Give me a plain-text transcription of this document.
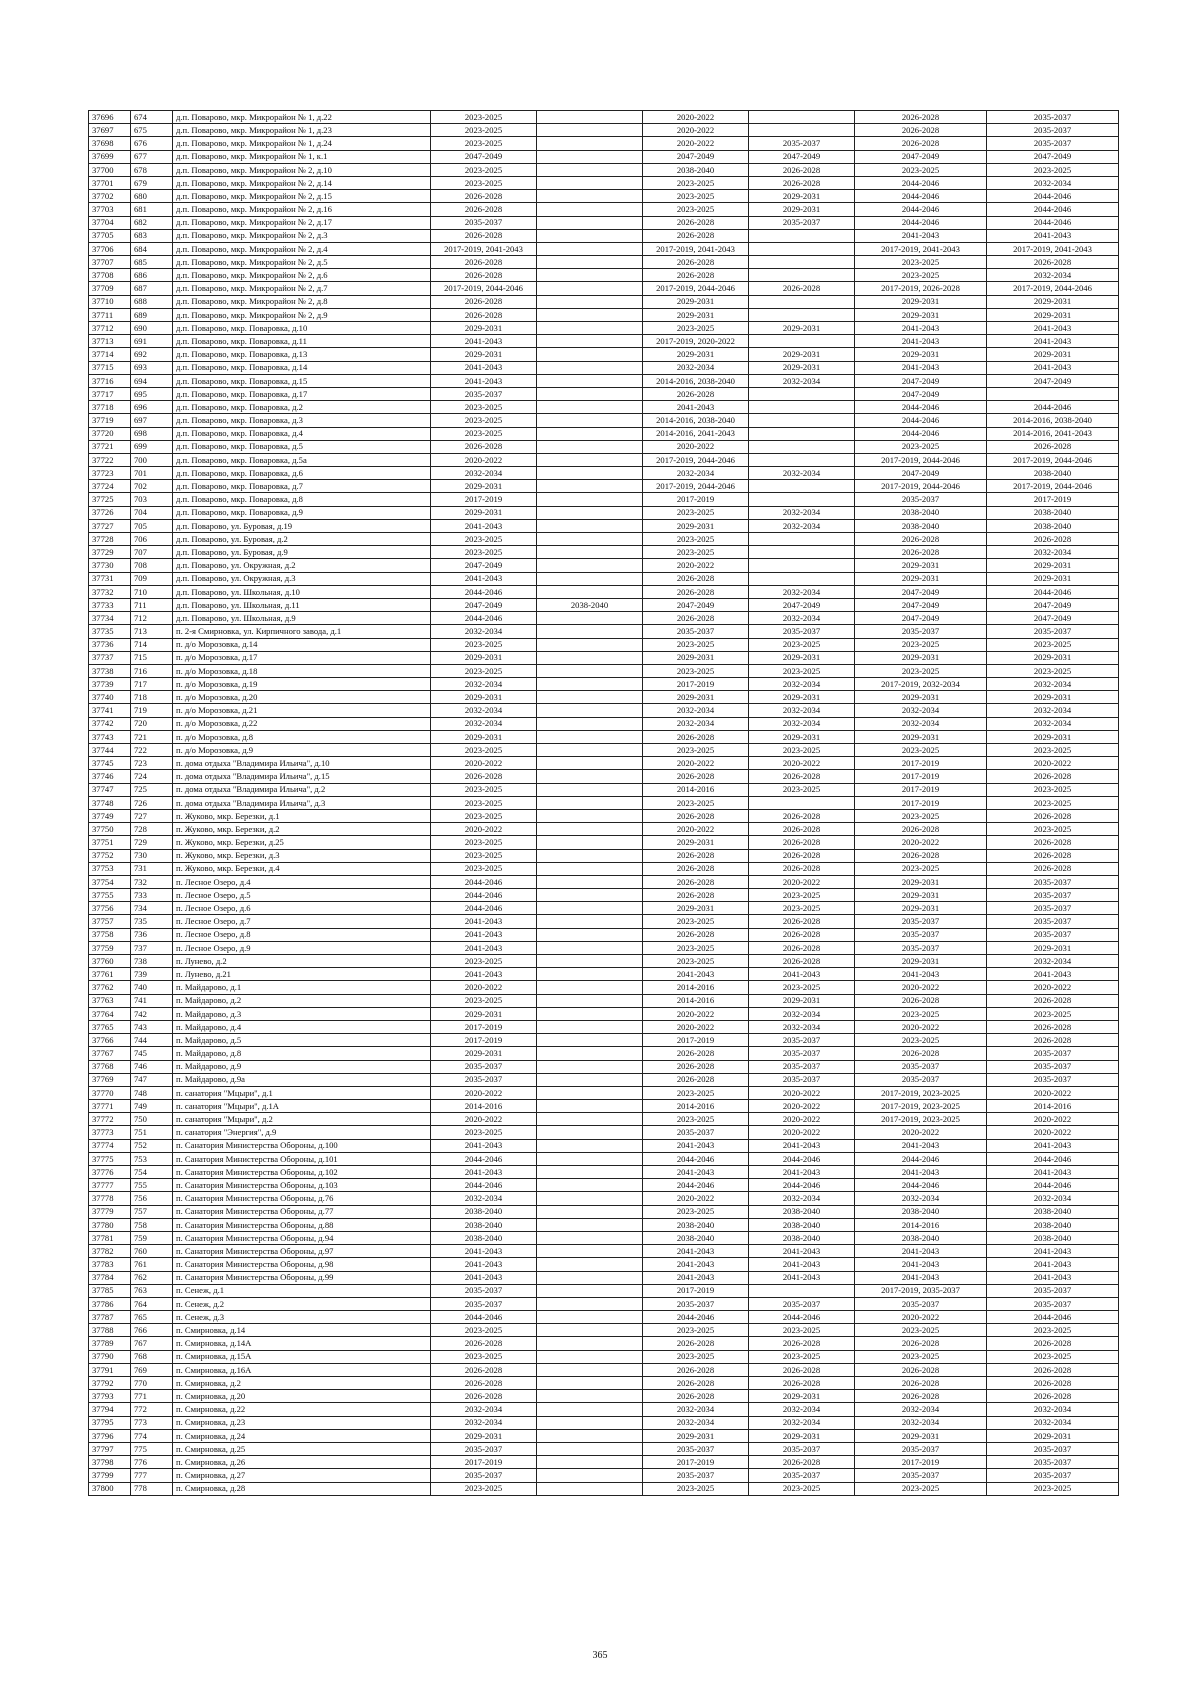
37696	674	д.п. Поварово, мкр. Микрорайон № 1, д.22	2023-2025		2020-2022		2026-2028	2035-2037
37697	675	д.п. Поварово, мкр. Микрорайон № 1, д.23	2023-2025		2020-2022		2026-2028	2035-2037
37698	676	д.п. Поварово, мкр. Микрорайон № 1, д.24	2023-2025		2020-2022	2035-2037	2026-2028	2035-2037
37699	677	д.п. Поварово, мкр. Микрорайон № 1, к.1	2047-2049		2047-2049	2047-2049	2047-2049	2047-2049
37700	678	д.п. Поварово, мкр. Микрорайон № 2, д.10	2023-2025		2038-2040	2026-2028	2023-2025	2023-2025
37701	679	д.п. Поварово, мкр. Микрорайон № 2, д.14	2023-2025		2023-2025	2026-2028	2044-2046	2032-2034
37702	680	д.п. Поварово, мкр. Микрорайон № 2, д.15	2026-2028		2023-2025	2029-2031	2044-2046	2044-2046
37703	681	д.п. Поварово, мкр. Микрорайон № 2, д.16	2026-2028		2023-2025	2029-2031	2044-2046	2044-2046
37704	682	д.п. Поварово, мкр. Микрорайон № 2, д.17	2035-2037		2026-2028	2035-2037	2044-2046	2044-2046
37705	683	д.п. Поварово, мкр. Микрорайон № 2, д.3	2026-2028		2026-2028		2041-2043	2041-2043
37706	684	д.п. Поварово, мкр. Микрорайон № 2, д.4	2017-2019, 2041-2043		2017-2019, 2041-2043		2017-2019, 2041-2043	2017-2019, 2041-2043
37707	685	д.п. Поварово, мкр. Микрорайон № 2, д.5	2026-2028		2026-2028		2023-2025	2026-2028
37708	686	д.п. Поварово, мкр. Микрорайон № 2, д.6	2026-2028		2026-2028		2023-2025	2032-2034
37709	687	д.п. Поварово, мкр. Микрорайон № 2, д.7	2017-2019, 2044-2046		2017-2019, 2044-2046	2026-2028	2017-2019, 2026-2028	2017-2019, 2044-2046
37710	688	д.п. Поварово, мкр. Микрорайон № 2, д.8	2026-2028		2029-2031		2029-2031	2029-2031
37711	689	д.п. Поварово, мкр. Микрорайон № 2, д.9	2026-2028		2029-2031		2029-2031	2029-2031
37712	690	д.п. Поварово, мкр. Поваровка, д.10	2029-2031		2023-2025	2029-2031	2041-2043	2041-2043
37713	691	д.п. Поварово, мкр. Поваровка, д.11	2041-2043		2017-2019, 2020-2022		2041-2043	2041-2043
37714	692	д.п. Поварово, мкр. Поваровка, д.13	2029-2031		2029-2031	2029-2031	2029-2031	2029-2031
37715	693	д.п. Поварово, мкр. Поваровка, д.14	2041-2043		2032-2034	2029-2031	2041-2043	2041-2043
37716	694	д.п. Поварово, мкр. Поваровка, д.15	2041-2043		2014-2016, 2038-2040	2032-2034	2047-2049	2047-2049
37717	695	д.п. Поварово, мкр. Поваровка, д.17	2035-2037		2026-2028		2047-2049	
37718	696	д.п. Поварово, мкр. Поваровка, д.2	2023-2025		2041-2043		2044-2046	2044-2046
37719	697	д.п. Поварово, мкр. Поваровка, д.3	2023-2025		2014-2016, 2038-2040		2044-2046	2014-2016, 2038-2040
37720	698	д.п. Поварово, мкр. Поваровка, д.4	2023-2025		2014-2016, 2041-2043		2044-2046	2014-2016, 2041-2043
37721	699	д.п. Поварово, мкр. Поваровка, д.5	2026-2028		2020-2022		2023-2025	2026-2028
37722	700	д.п. Поварово, мкр. Поваровка, д.5а	2020-2022		2017-2019, 2044-2046		2017-2019, 2044-2046	2017-2019, 2044-2046
37723	701	д.п. Поварово, мкр. Поваровка, д.6	2032-2034		2032-2034	2032-2034	2047-2049	2038-2040
37724	702	д.п. Поварово, мкр. Поваровка, д.7	2029-2031		2017-2019, 2044-2046		2017-2019, 2044-2046	2017-2019, 2044-2046
37725	703	д.п. Поварово, мкр. Поваровка, д.8	2017-2019		2017-2019		2035-2037	2017-2019
37726	704	д.п. Поварово, мкр. Поваровка, д.9	2029-2031		2023-2025	2032-2034	2038-2040	2038-2040
37727	705	д.п. Поварово, ул. Буровая, д.19	2041-2043		2029-2031	2032-2034	2038-2040	2038-2040
37728	706	д.п. Поварово, ул. Буровая, д.2	2023-2025		2023-2025		2026-2028	2026-2028
37729	707	д.п. Поварово, ул. Буровая, д.9	2023-2025		2023-2025		2026-2028	2032-2034
37730	708	д.п. Поварово, ул. Окружная, д.2	2047-2049		2020-2022		2029-2031	2029-2031
37731	709	д.п. Поварово, ул. Окружная, д.3	2041-2043		2026-2028		2029-2031	2029-2031
37732	710	д.п. Поварово, ул. Школьная, д.10	2044-2046		2026-2028	2032-2034	2047-2049	2044-2046
37733	711	д.п. Поварово, ул. Школьная, д.11	2047-2049	2038-2040	2047-2049	2047-2049	2047-2049	2047-2049
37734	712	д.п. Поварово, ул. Школьная, д.9	2044-2046		2026-2028	2032-2034	2047-2049	2047-2049
37735	713	п. 2-я Смирновка, ул. Кирпичного завода, д.1	2032-2034		2035-2037	2035-2037	2035-2037	2035-2037
37736	714	п. д/о Морозовка, д.14	2023-2025		2023-2025	2023-2025	2023-2025	2023-2025
37737	715	п. д/о Морозовка, д.17	2029-2031		2029-2031	2029-2031	2029-2031	2029-2031
37738	716	п. д/о Морозовка, д.18	2023-2025		2023-2025	2023-2025	2023-2025	2023-2025
37739	717	п. д/о Морозовка, д.19	2032-2034		2017-2019	2032-2034	2017-2019, 2032-2034	2032-2034
37740	718	п. д/о Морозовка, д.20	2029-2031		2029-2031	2029-2031	2029-2031	2029-2031
37741	719	п. д/о Морозовка, д.21	2032-2034		2032-2034	2032-2034	2032-2034	2032-2034
37742	720	п. д/о Морозовка, д.22	2032-2034		2032-2034	2032-2034	2032-2034	2032-2034
37743	721	п. д/о Морозовка, д.8	2029-2031		2026-2028	2029-2031	2029-2031	2029-2031
37744	722	п. д/о Морозовка, д.9	2023-2025		2023-2025	2023-2025	2023-2025	2023-2025
37745	723	п. дома отдыха "Владимира Ильича", д.10	2020-2022		2020-2022	2020-2022	2017-2019	2020-2022
37746	724	п. дома отдыха "Владимира Ильича", д.15	2026-2028		2026-2028	2026-2028	2017-2019	2026-2028
37747	725	п. дома отдыха "Владимира Ильича", д.2	2023-2025		2014-2016	2023-2025	2017-2019	2023-2025
37748	726	п. дома отдыха "Владимира Ильича", д.3	2023-2025		2023-2025		2017-2019	2023-2025
37749	727	п. Жуково, мкр. Березки, д.1	2023-2025		2026-2028	2026-2028	2023-2025	2026-2028
37750	728	п. Жуково, мкр. Березки, д.2	2020-2022		2020-2022	2026-2028	2026-2028	2023-2025
37751	729	п. Жуково, мкр. Березки, д.25	2023-2025		2029-2031	2026-2028	2020-2022	2026-2028
37752	730	п. Жуково, мкр. Березки, д.3	2023-2025		2026-2028	2026-2028	2026-2028	2026-2028
37753	731	п. Жуково, мкр. Березки, д.4	2023-2025		2026-2028	2026-2028	2023-2025	2026-2028
37754	732	п. Лесное Озеро, д.4	2044-2046		2026-2028	2020-2022	2029-2031	2035-2037
37755	733	п. Лесное Озеро, д.5	2044-2046		2026-2028	2023-2025	2029-2031	2035-2037
37756	734	п. Лесное Озеро, д.6	2044-2046		2029-2031	2023-2025	2029-2031	2035-2037
37757	735	п. Лесное Озеро, д.7	2041-2043		2023-2025	2026-2028	2035-2037	2035-2037
37758	736	п. Лесное Озеро, д.8	2041-2043		2026-2028	2026-2028	2035-2037	2035-2037
37759	737	п. Лесное Озеро, д.9	2041-2043		2023-2025	2026-2028	2035-2037	2029-2031
37760	738	п. Лунево, д.2	2023-2025		2023-2025	2026-2028	2029-2031	2032-2034
37761	739	п. Лунево, д.21	2041-2043		2041-2043	2041-2043	2041-2043	2041-2043
37762	740	п. Майдарово, д.1	2020-2022		2014-2016	2023-2025	2020-2022	2020-2022
37763	741	п. Майдарово, д.2	2023-2025		2014-2016	2029-2031	2026-2028	2026-2028
37764	742	п. Майдарово, д.3	2029-2031		2020-2022	2032-2034	2023-2025	2023-2025
37765	743	п. Майдарово, д.4	2017-2019		2020-2022	2032-2034	2020-2022	2026-2028
37766	744	п. Майдарово, д.5	2017-2019		2017-2019	2035-2037	2023-2025	2026-2028
37767	745	п. Майдарово, д.8	2029-2031		2026-2028	2035-2037	2026-2028	2035-2037
37768	746	п. Майдарово, д.9	2035-2037		2026-2028	2035-2037	2035-2037	2035-2037
37769	747	п. Майдарово, д.9а	2035-2037		2026-2028	2035-2037	2035-2037	2035-2037
37770	748	п. санатория "Мцыри", д.1	2020-2022		2023-2025	2020-2022	2017-2019, 2023-2025	2020-2022
37771	749	п. санатория "Мцыри", д.1А	2014-2016		2014-2016	2020-2022	2017-2019, 2023-2025	2014-2016
37772	750	п. санатория "Мцыри", д.2	2020-2022		2023-2025	2020-2022	2017-2019, 2023-2025	2020-2022
37773	751	п. санатория "Энергия", д.9	2023-2025		2035-2037	2020-2022	2020-2022	2020-2022
37774	752	п. Санатория Министерства Обороны, д.100	2041-2043		2041-2043	2041-2043	2041-2043	2041-2043
37775	753	п. Санатория Министерства Обороны, д.101	2044-2046		2044-2046	2044-2046	2044-2046	2044-2046
37776	754	п. Санатория Министерства Обороны, д.102	2041-2043		2041-2043	2041-2043	2041-2043	2041-2043
37777	755	п. Санатория Министерства Обороны, д.103	2044-2046		2044-2046	2044-2046	2044-2046	2044-2046
37778	756	п. Санатория Министерства Обороны, д.76	2032-2034		2020-2022	2032-2034	2032-2034	2032-2034
37779	757	п. Санатория Министерства Обороны, д.77	2038-2040		2023-2025	2038-2040	2038-2040	2038-2040
37780	758	п. Санатория Министерства Обороны, д.88	2038-2040		2038-2040	2038-2040	2014-2016	2038-2040
37781	759	п. Санатория Министерства Обороны, д.94	2038-2040		2038-2040	2038-2040	2038-2040	2038-2040
37782	760	п. Санатория Министерства Обороны, д.97	2041-2043		2041-2043	2041-2043	2041-2043	2041-2043
37783	761	п. Санатория Министерства Обороны, д.98	2041-2043		2041-2043	2041-2043	2041-2043	2041-2043
37784	762	п. Санатория Министерства Обороны, д.99	2041-2043		2041-2043	2041-2043	2041-2043	2041-2043
37785	763	п. Сенеж, д.1	2035-2037		2017-2019		2017-2019, 2035-2037	2035-2037
37786	764	п. Сенеж, д.2	2035-2037		2035-2037	2035-2037	2035-2037	2035-2037
37787	765	п. Сенеж, д.3	2044-2046		2044-2046	2044-2046	2020-2022	2044-2046
37788	766	п. Смирновка, д.14	2023-2025		2023-2025	2023-2025	2023-2025	2023-2025
37789	767	п. Смирновка, д.14А	2026-2028		2026-2028	2026-2028	2026-2028	2026-2028
37790	768	п. Смирновка, д.15А	2023-2025		2023-2025	2023-2025	2023-2025	2023-2025
37791	769	п. Смирновка, д.16А	2026-2028		2026-2028	2026-2028	2026-2028	2026-2028
37792	770	п. Смирновка, д.2	2026-2028		2026-2028	2026-2028	2026-2028	2026-2028
37793	771	п. Смирновка, д.20	2026-2028		2026-2028	2029-2031	2026-2028	2026-2028
37794	772	п. Смирновка, д.22	2032-2034		2032-2034	2032-2034	2032-2034	2032-2034
37795	773	п. Смирновка, д.23	2032-2034		2032-2034	2032-2034	2032-2034	2032-2034
37796	774	п. Смирновка, д.24	2029-2031		2029-2031	2029-2031	2029-2031	2029-2031
37797	775	п. Смирновка, д.25	2035-2037		2035-2037	2035-2037	2035-2037	2035-2037
37798	776	п. Смирновка, д.26	2017-2019		2017-2019	2026-2028	2017-2019	2035-2037
37799	777	п. Смирновка, д.27	2035-2037		2035-2037	2035-2037	2035-2037	2035-2037
37800	778	п. Смирновка, д.28	2023-2025		2023-2025	2023-2025	2023-2025	2023-2025
365
